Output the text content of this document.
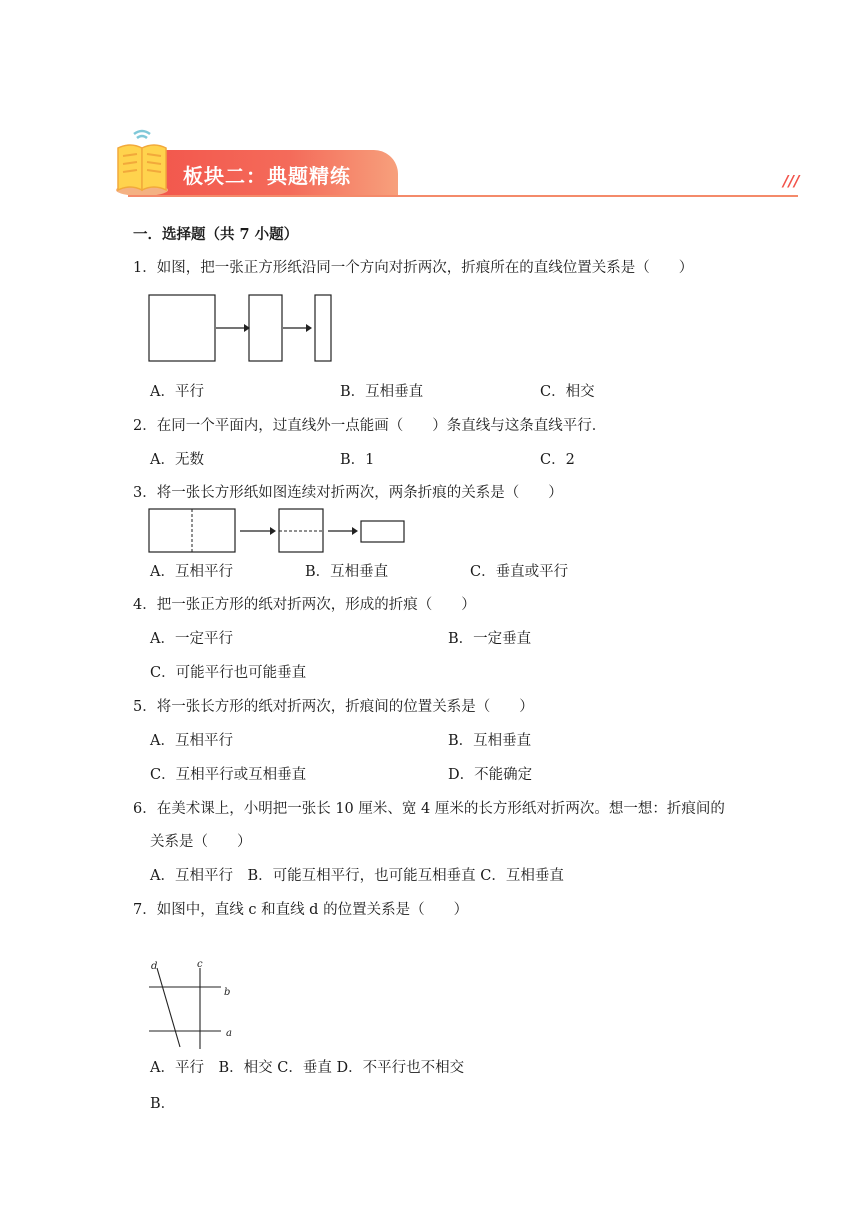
板块二：典题精练	///
一．选择题（共 7 小题）
1．如图，把一张正方形纸沿同一个方向对折两次，折痕所在的直线位置关系是（　　）
A．平行	B．互相垂直	C．相交
2．在同一个平面内，过直线外一点能画（　　）条直线与这条直线平行．
A．无数	B．1	C．2
3．将一张长方形纸如图连续对折两次，两条折痕的关系是（　　）
A．互相平行	B．互相垂直	C．垂直或平行
4．把一张正方形的纸对折两次，形成的折痕（　　）
A．一定平行	B．一定垂直
C．可能平行也可能垂直
5．将一张长方形的纸对折两次，折痕间的位置关系是（　　）
A．互相平行	B．互相垂直
C．互相平行或互相垂直	D．不能确定
6．在美术课上，小明把一张长 10 厘米、宽 4 厘米的长方形纸对折两次。想一想：折痕间的
关系是（　　）
A．互相平行　B．可能互相平行，也可能互相垂直 C．互相垂直
7．如图中，直线 c 和直线 d 的位置关系是（　　）
d	c
b
a
A．平行　B．相交 C．垂直 D．不平行也不相交
B．
